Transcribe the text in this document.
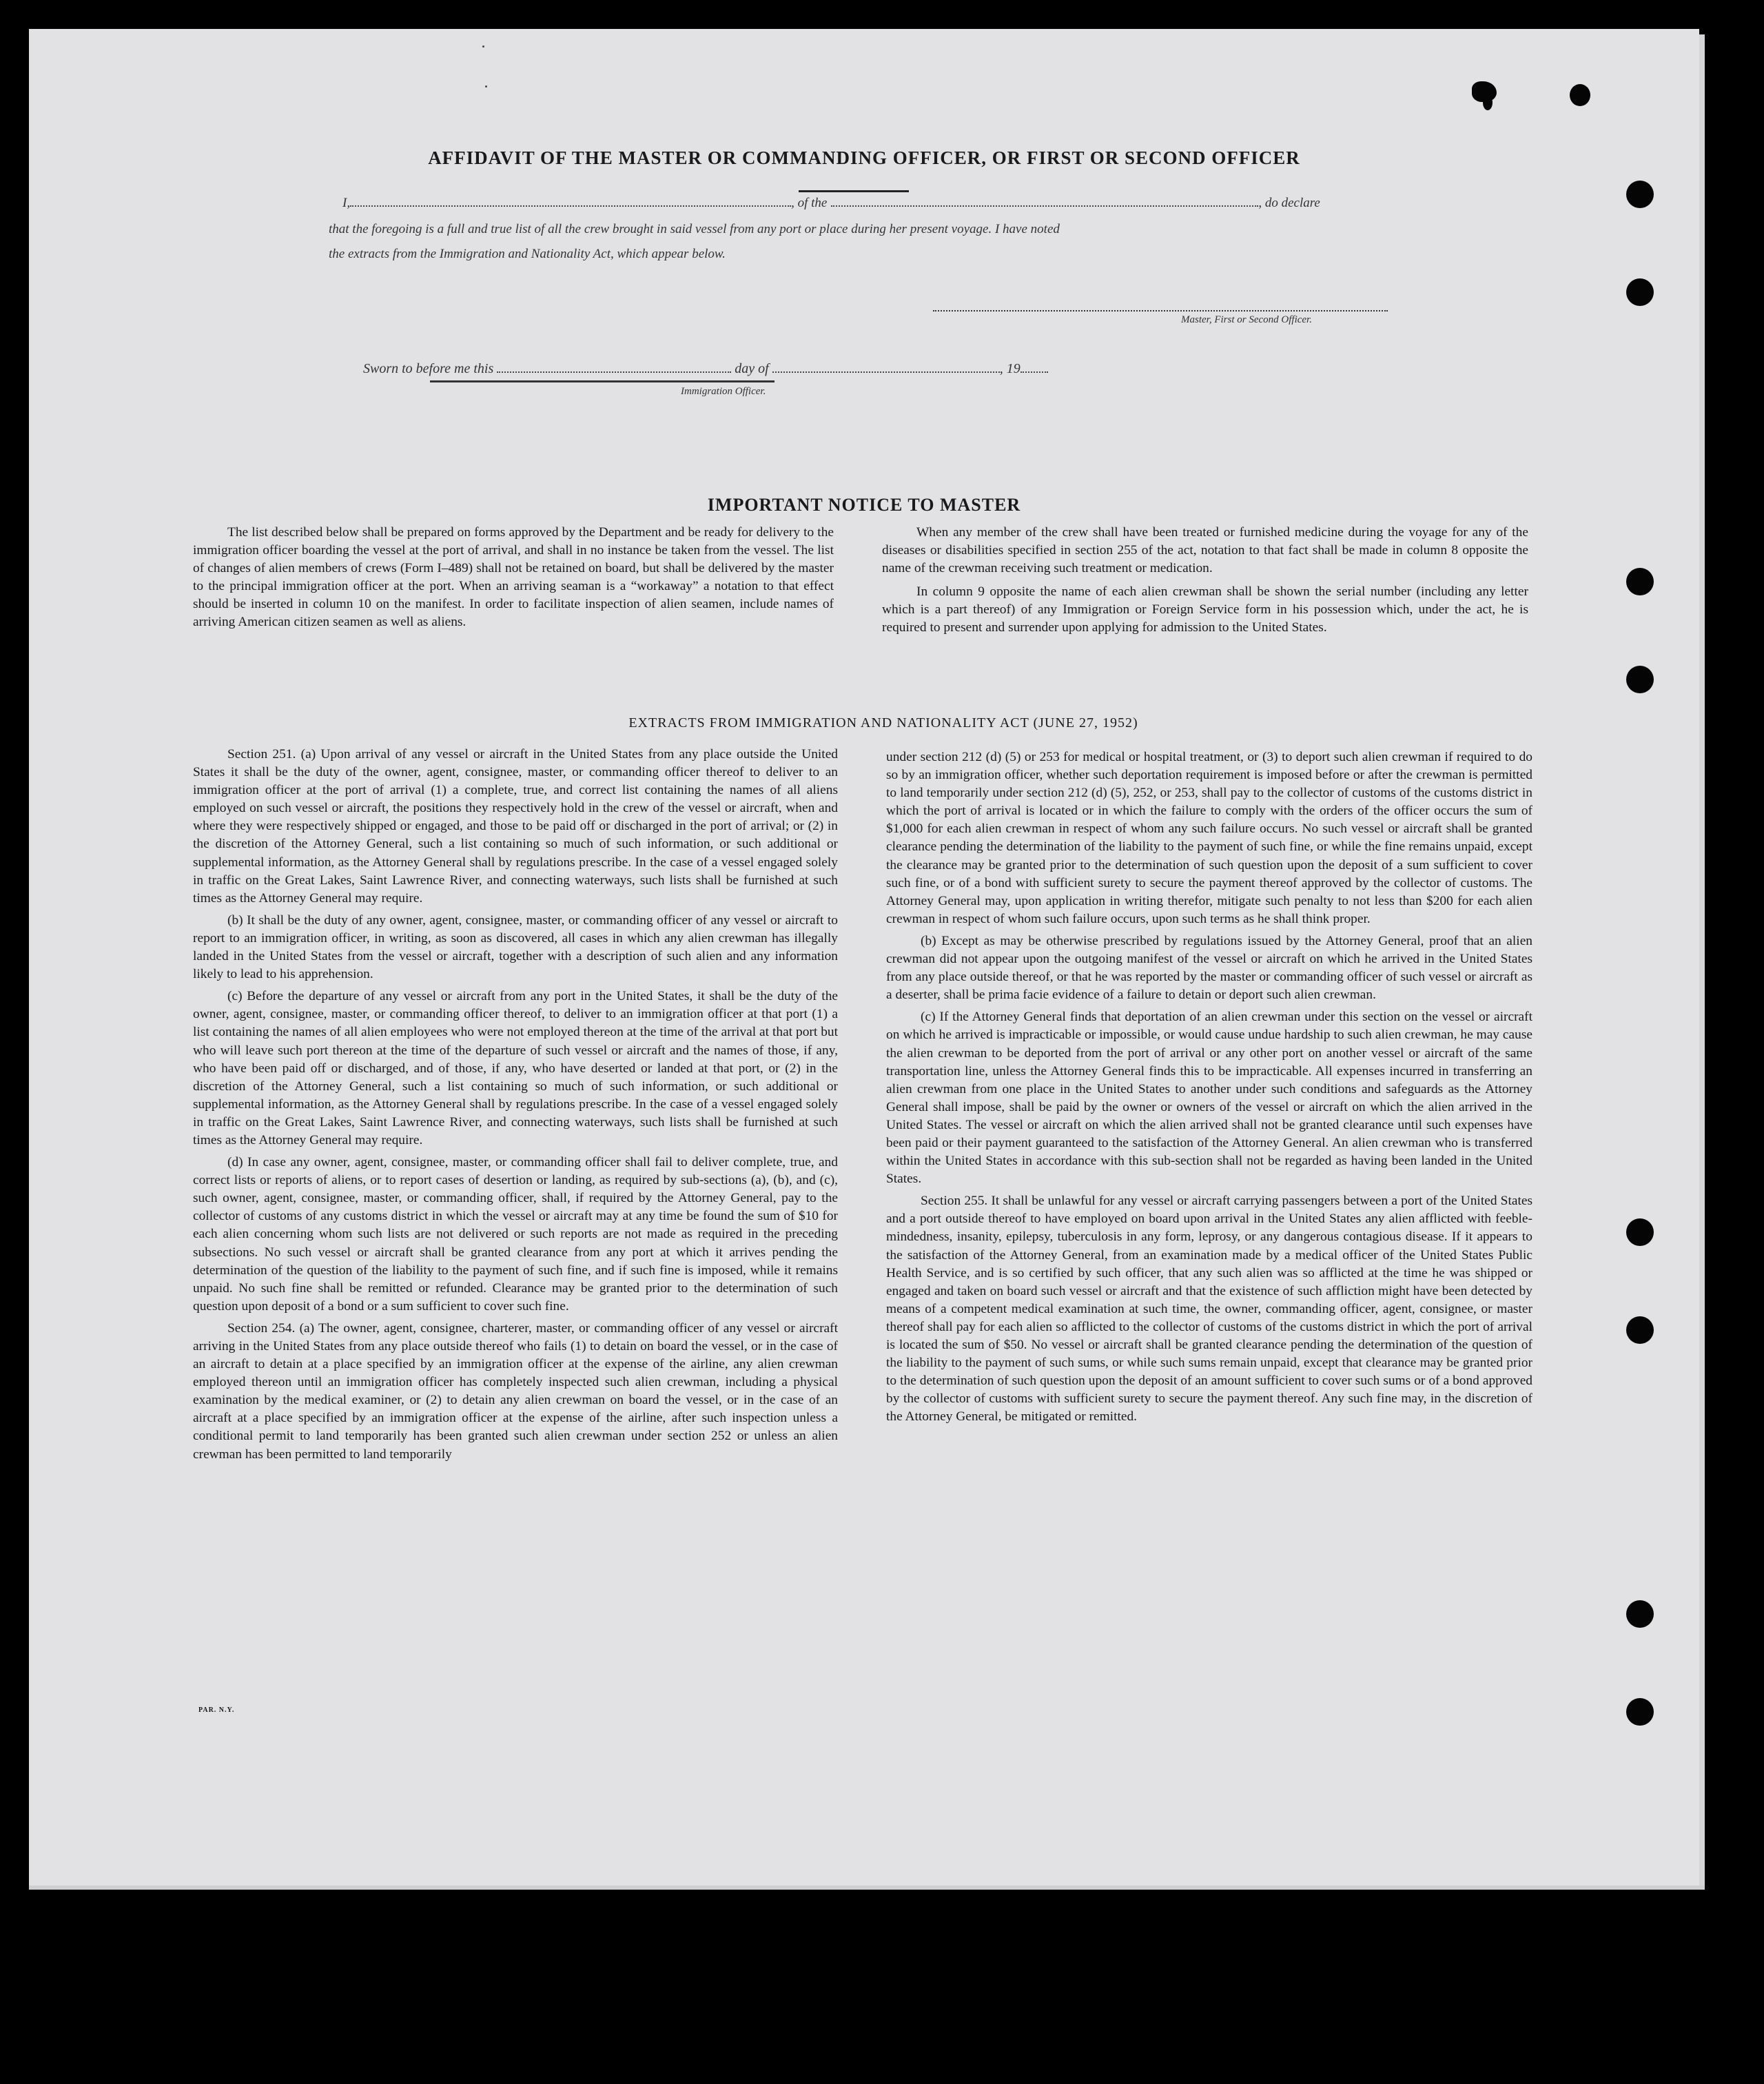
AFFIDAVIT OF THE MASTER OR COMMANDING OFFICER, OR FIRST OR SECOND OFFICER
I,	, of the	, do declare
that the foregoing is a full and true list of all the crew brought in said vessel from any port or place during her present voyage. I have noted
the extracts from the Immigration and Nationality Act, which appear below.
Master, First or Second Officer.
Sworn to before me this	day of	, 19
Immigration Officer.
IMPORTANT NOTICE TO MASTER

The list described below shall be prepared on forms approved by the Department and be ready for delivery to the immigration officer boarding the vessel at the port of arrival, and shall in no instance be taken from the vessel. The list of changes of alien members of crews (Form I–489) shall not be retained on board, but shall be delivered by the master to the principal immigration officer at the port. When an arriving seaman is a “workaway” a notation to that effect should be inserted in column 10 on the manifest. In order to facilitate inspection of alien seamen, include names of arriving American citizen seamen as well as aliens.

When any member of the crew shall have been treated or furnished medicine during the voyage for any of the diseases or disabilities specified in section 255 of the act, notation to that fact shall be made in column 8 opposite the name of the crewman receiving such treatment or medication.

In column 9 opposite the name of each alien crewman shall be shown the serial number (including any letter which is a part thereof) of any Immigration or Foreign Service form in his possession which, under the act, he is required to present and surrender upon applying for admission to the United States.

EXTRACTS FROM IMMIGRATION AND NATIONALITY ACT (JUNE 27, 1952)

Section 251. (a) Upon arrival of any vessel or aircraft in the United States from any place outside the United States it shall be the duty of the owner, agent, consignee, master, or commanding officer thereof to deliver to an immigration officer at the port of arrival (1) a complete, true, and correct list containing the names of all aliens employed on such vessel or aircraft, the positions they respectively hold in the crew of the vessel or aircraft, when and where they were respectively shipped or engaged, and those to be paid off or discharged in the port of arrival; or (2) in the discretion of the Attorney General, such a list containing so much of such information, or such additional or supplemental information, as the Attorney General shall by regulations prescribe. In the case of a vessel engaged solely in traffic on the Great Lakes, Saint Lawrence River, and connecting waterways, such lists shall be furnished at such times as the Attorney General may require.

(b) It shall be the duty of any owner, agent, consignee, master, or commanding officer of any vessel or aircraft to report to an immigration officer, in writing, as soon as discovered, all cases in which any alien crewman has illegally landed in the United States from the vessel or aircraft, together with a description of such alien and any information likely to lead to his apprehension.

(c) Before the departure of any vessel or aircraft from any port in the United States, it shall be the duty of the owner, agent, consignee, master, or commanding officer thereof, to deliver to an immigration officer at that port (1) a list containing the names of all alien employees who were not employed thereon at the time of the arrival at that port but who will leave such port thereon at the time of the departure of such vessel or aircraft and the names of those, if any, who have been paid off or discharged, and of those, if any, who have deserted or landed at that port, or (2) in the discretion of the Attorney General, such a list containing so much of such information, or such additional or supplemental information, as the Attorney General shall by regulations prescribe. In the case of a vessel engaged solely in traffic on the Great Lakes, Saint Lawrence River, and connecting waterways, such lists shall be furnished at such times as the Attorney General may require.

(d) In case any owner, agent, consignee, master, or commanding officer shall fail to deliver complete, true, and correct lists or reports of aliens, or to report cases of desertion or landing, as required by sub-sections (a), (b), and (c), such owner, agent, consignee, master, or commanding officer, shall, if required by the Attorney General, pay to the collector of customs of any customs district in which the vessel or aircraft may at any time be found the sum of $10 for each alien concerning whom such lists are not delivered or such reports are not made as required in the preceding subsections. No such vessel or aircraft shall be granted clearance from any port at which it arrives pending the determination of the question of the liability to the payment of such fine, and if such fine is imposed, while it remains unpaid. No such fine shall be remitted or refunded. Clearance may be granted prior to the determination of such question upon deposit of a bond or a sum sufficient to cover such fine.

Section 254. (a) The owner, agent, consignee, charterer, master, or commanding officer of any vessel or aircraft arriving in the United States from any place outside thereof who fails (1) to detain on board the vessel, or in the case of an aircraft to detain at a place specified by an immigration officer at the expense of the airline, any alien crewman employed thereon until an immigration officer has completely inspected such alien crewman, including a physical examination by the medical examiner, or (2) to detain any alien crewman on board the vessel, or in the case of an aircraft at a place specified by an immigration officer at the expense of the airline, after such inspection unless a conditional permit to land temporarily has been granted such alien crewman under section 252 or unless an alien crewman has been permitted to land temporarily

under section 212 (d) (5) or 253 for medical or hospital treatment, or (3) to deport such alien crewman if required to do so by an immigration officer, whether such deportation requirement is imposed before or after the crewman is permitted to land temporarily under section 212 (d) (5), 252, or 253, shall pay to the collector of customs of the customs district in which the port of arrival is located or in which the failure to comply with the orders of the officer occurs the sum of $1,000 for each alien crewman in respect of whom any such failure occurs. No such vessel or aircraft shall be granted clearance pending the determination of the liability to the payment of such fine, or while the fine remains unpaid, except the clearance may be granted prior to the determination of such question upon the deposit of a sum sufficient to cover such fine, or of a bond with sufficient surety to secure the payment thereof approved by the collector of customs. The Attorney General may, upon application in writing therefor, mitigate such penalty to not less than $200 for each alien crewman in respect of whom such failure occurs, upon such terms as he shall think proper.

(b) Except as may be otherwise prescribed by regulations issued by the Attorney General, proof that an alien crewman did not appear upon the outgoing manifest of the vessel or aircraft on which he arrived in the United States from any place outside thereof, or that he was reported by the master or commanding officer of such vessel or aircraft as a deserter, shall be prima facie evidence of a failure to detain or deport such alien crewman.

(c) If the Attorney General finds that deportation of an alien crewman under this section on the vessel or aircraft on which he arrived is impracticable or impossible, or would cause undue hardship to such alien crewman, he may cause the alien crewman to be deported from the port of arrival or any other port on another vessel or aircraft of the same transportation line, unless the Attorney General finds this to be impracticable. All expenses incurred in transferring an alien crewman from one place in the United States to another under such conditions and safeguards as the Attorney General shall impose, shall be paid by the owner or owners of the vessel or aircraft on which the alien arrived in the United States. The vessel or aircraft on which the alien arrived shall not be granted clearance until such expenses have been paid or their payment guaranteed to the satisfaction of the Attorney General. An alien crewman who is transferred within the United States in accordance with this sub-section shall not be regarded as having been landed in the United States.

Section 255. It shall be unlawful for any vessel or aircraft carrying passengers between a port of the United States and a port outside thereof to have employed on board upon arrival in the United States any alien afflicted with feeble-mindedness, insanity, epilepsy, tuberculosis in any form, leprosy, or any dangerous contagious disease. If it appears to the satisfaction of the Attorney General, from an examination made by a medical officer of the United States Public Health Service, and is so certified by such officer, that any such alien was so afflicted at the time he was shipped or engaged and taken on board such vessel or aircraft and that the existence of such affliction might have been detected by means of a competent medical examination at such time, the owner, commanding officer, agent, consignee, or master thereof shall pay for each alien so afflicted to the collector of customs of the customs district in which the port of arrival is located the sum of $50. No vessel or aircraft shall be granted clearance pending the determination of the question of the liability to the payment of such sums, or while such sums remain unpaid, except that clearance may be granted prior to the determination of such question upon the deposit of an amount sufficient to cover such sums or of a bond approved by the collector of customs with sufficient surety to secure the payment thereof. Any such fine may, in the discretion of the Attorney General, be mitigated or remitted.

PAR. N.Y.
